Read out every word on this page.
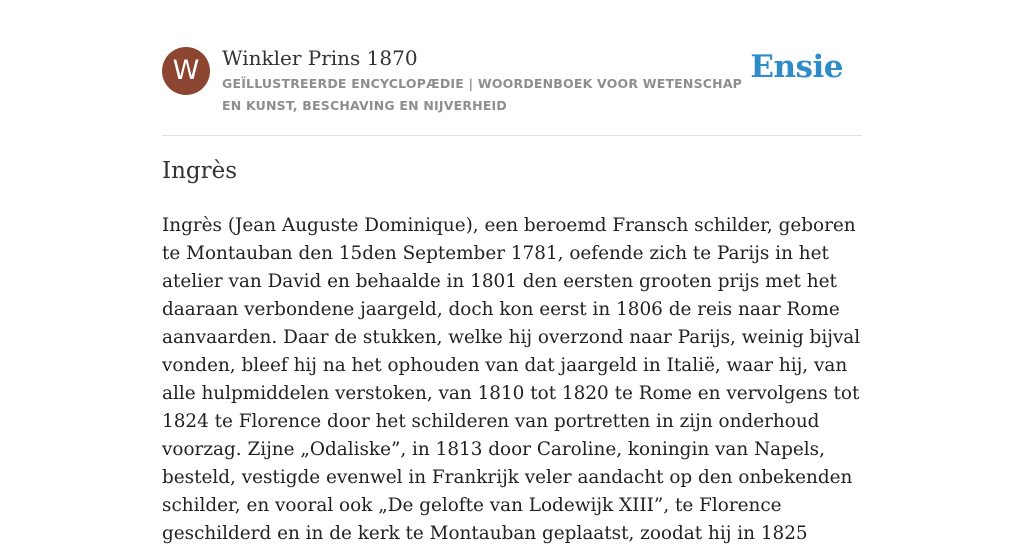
W	Winkler Prins 1870
GEÏLLUSTREERDE ENCYCLOPÆDIE | WOORDENBOEK VOOR WETENSCHAP EN KUNST, BESCHAVING EN NIJVERHEID
Ensie
Ingrès

Ingrès (Jean Auguste Dominique), een beroemd Fransch schilder, geboren te Montauban den 15den September 1781, oefende zich te Parijs in het atelier van David en behaalde in 1801 den eersten grooten prijs met het daaraan verbondene jaargeld, doch kon eerst in 1806 de reis naar Rome aanvaarden. Daar de stukken, welke hij overzond naar Parijs, weinig bijval vonden, bleef hij na het ophouden van dat jaargeld in Italië, waar hij, van alle hulpmiddelen verstoken, van 1810 tot 1820 te Rome en vervolgens tot 1824 te Florence door het schilderen van portretten in zijn onderhoud voorzag. Zijne „Odaliske”, in 1813 door Caroline, koningin van Napels, besteld, vestigde evenwel in Frankrijk veler aandacht op den onbekenden schilder, en vooral ook „De gelofte van Lodewijk XIII”, te Florence geschilderd en in de kerk te Montauban geplaatst, zoodat hij in 1825
